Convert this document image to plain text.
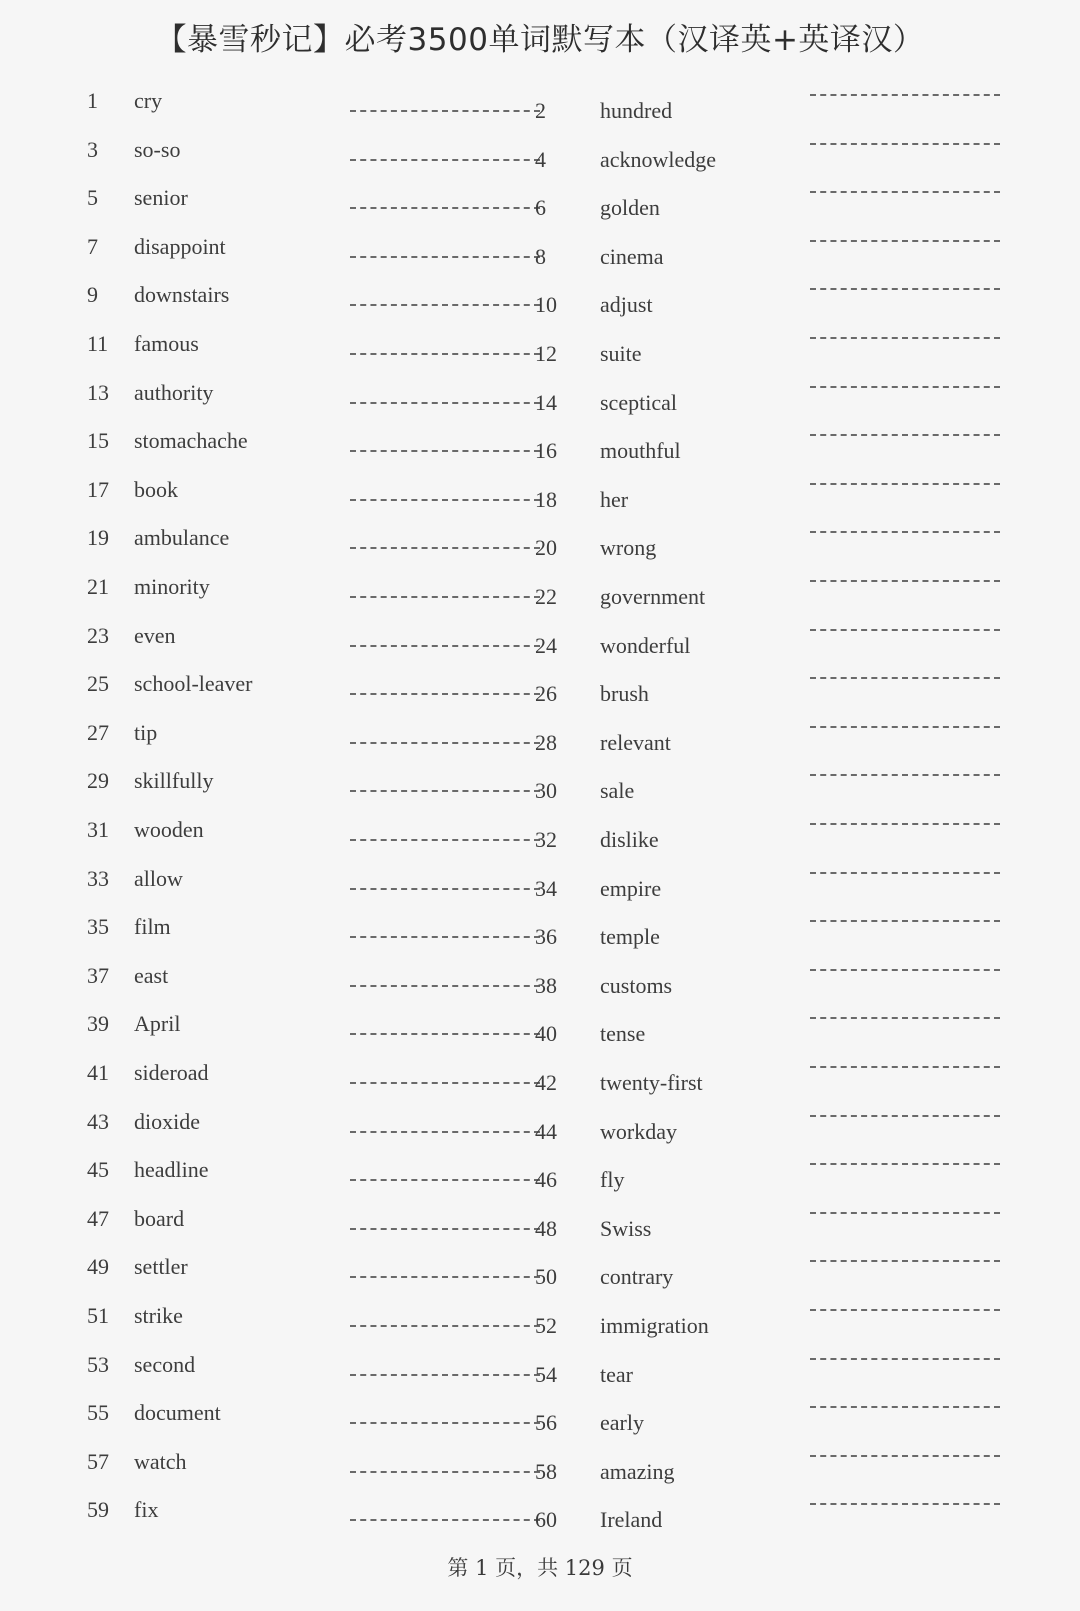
【暴雪秒记】必考3500单词默写本（汉译英+英译汉）
1 cry	2 hundred
3 so-so	4 acknowledge
5 senior	6 golden
7 disappoint	8 cinema
9 downstairs	10 adjust
11 famous	12 suite
13 authority	14 sceptical
15 stomachache	16 mouthful
17 book	18 her
19 ambulance	20 wrong
21 minority	22 government
23 even	24 wonderful
25 school-leaver	26 brush
27 tip	28 relevant
29 skillfully	30 sale
31 wooden	32 dislike
33 allow	34 empire
35 film	36 temple
37 east	38 customs
39 April	40 tense
41 sideroad	42 twenty-first
43 dioxide	44 workday
45 headline	46 fly
47 board	48 Swiss
49 settler	50 contrary
51 strike	52 immigration
53 second	54 tear
55 document	56 early
57 watch	58 amazing
59 fix	60 Ireland
第 1 页，共 129 页
